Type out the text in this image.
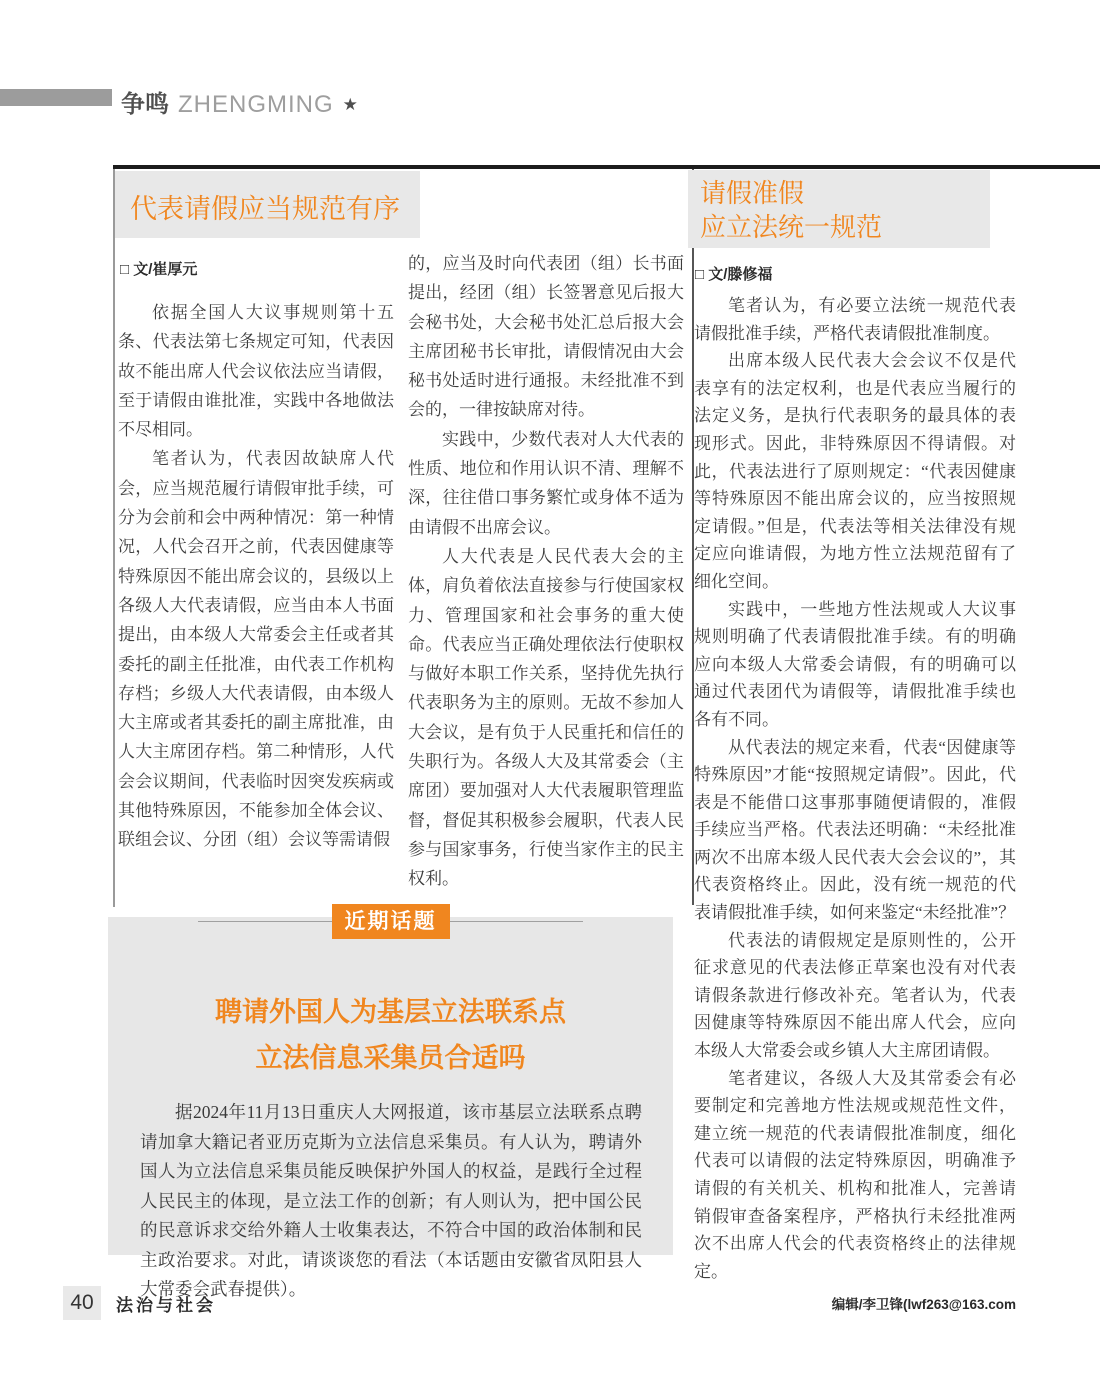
争鸣 ZHENGMING ★
代表请假应当规范有序
□ 文/崔厚元

依据全国人大议事规则第十五条、代表法第七条规定可知，代表因故不能出席人代会议依法应当请假，至于请假由谁批准，实践中各地做法不尽相同。

笔者认为，代表因故缺席人代会，应当规范履行请假审批手续，可分为会前和会中两种情况：第一种情况，人代会召开之前，代表因健康等特殊原因不能出席会议的，县级以上各级人大代表请假，应当由本人书面提出，由本级人大常委会主任或者其委托的副主任批准，由代表工作机构存档；乡级人大代表请假，由本级人大主席或者其委托的副主席批准，由人大主席团存档。第二种情形，人代会会议期间，代表临时因突发疾病或其他特殊原因，不能参加全体会议、联组会议、分团（组）会议等需请假

的，应当及时向代表团（组）长书面提出，经团（组）长签署意见后报大会秘书处，大会秘书处汇总后报大会主席团秘书长审批，请假情况由大会秘书处适时进行通报。未经批准不到会的，一律按缺席对待。

实践中，少数代表对人大代表的性质、地位和作用认识不清、理解不深，往往借口事务繁忙或身体不适为由请假不出席会议。

人大代表是人民代表大会的主体，肩负着依法直接参与行使国家权力、管理国家和社会事务的重大使命。代表应当正确处理依法行使职权与做好本职工作关系，坚持优先执行代表职务为主的原则。无故不参加人大会议，是有负于人民重托和信任的失职行为。各级人大及其常委会（主席团）要加强对人大代表履职管理监督，督促其积极参会履职，代表人民参与国家事务，行使当家作主的民主权利。

请假准假
应立法统一规范
□ 文/滕修福

笔者认为，有必要立法统一规范代表请假批准手续，严格代表请假批准制度。

出席本级人民代表大会会议不仅是代表享有的法定权利，也是代表应当履行的法定义务，是执行代表职务的最具体的表现形式。因此，非特殊原因不得请假。对此，代表法进行了原则规定：“代表因健康等特殊原因不能出席会议的，应当按照规定请假。”但是，代表法等相关法律没有规定应向谁请假，为地方性立法规范留有了细化空间。

实践中，一些地方性法规或人大议事规则明确了代表请假批准手续。有的明确应向本级人大常委会请假，有的明确可以通过代表团代为请假等，请假批准手续也各有不同。

从代表法的规定来看，代表“因健康等特殊原因”才能“按照规定请假”。因此，代表是不能借口这事那事随便请假的，准假手续应当严格。代表法还明确：“未经批准两次不出席本级人民代表大会会议的”，其代表资格终止。因此，没有统一规范的代表请假批准手续，如何来鉴定“未经批准”？

代表法的请假规定是原则性的，公开征求意见的代表法修正草案也没有对代表请假条款进行修改补充。笔者认为，代表因健康等特殊原因不能出席人代会，应向本级人大常委会或乡镇人大主席团请假。

笔者建议，各级人大及其常委会有必要制定和完善地方性法规或规范性文件，建立统一规范的代表请假批准制度，细化代表可以请假的法定特殊原因，明确准予请假的有关机关、机构和批准人，完善请销假审查备案程序，严格执行未经批准两次不出席人代会的代表资格终止的法律规定。

编辑/李卫锋(lwf263@163.com

近期话题
聘请外国人为基层立法联系点
立法信息采集员合适吗

据2024年11月13日重庆人大网报道，该市基层立法联系点聘请加拿大籍记者亚历克斯为立法信息采集员。有人认为，聘请外国人为立法信息采集员能反映保护外国人的权益，是践行全过程人民民主的体现，是立法工作的创新；有人则认为，把中国公民的民意诉求交给外籍人士收集表达，不符合中国的政治体制和民主政治要求。对此，请谈谈您的看法（本话题由安徽省凤阳县人大常委会武春提供）。

40	法治与社会
